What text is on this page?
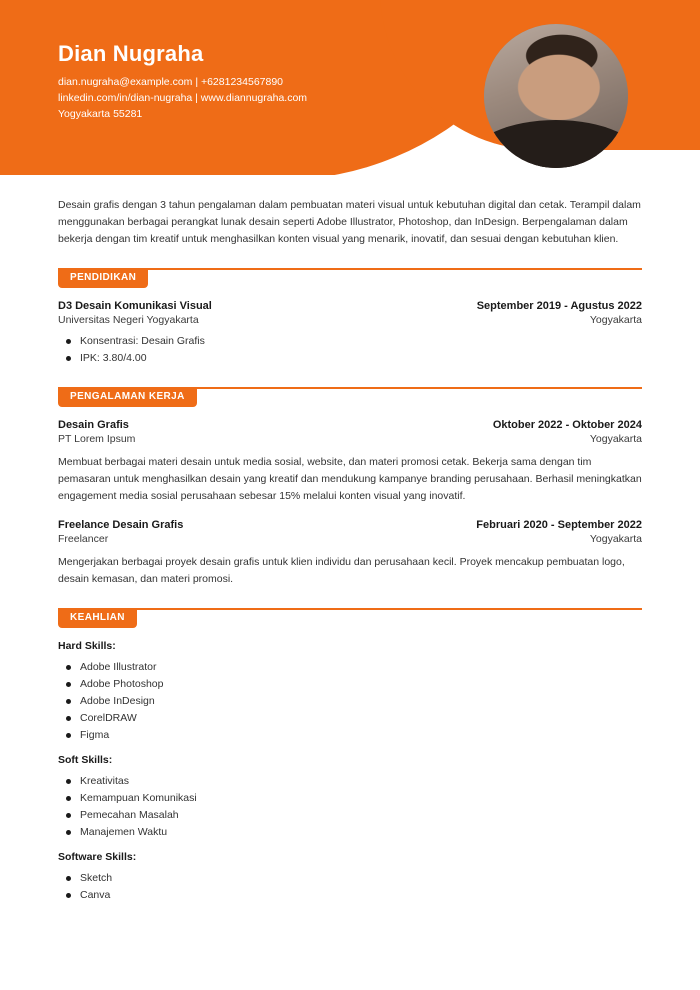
Dian Nugraha
dian.nugraha@example.com | +6281234567890
linkedin.com/in/dian-nugraha | www.diannugraha.com
Yogyakarta 55281

Desain grafis dengan 3 tahun pengalaman dalam pembuatan materi visual untuk kebutuhan digital dan cetak. Terampil dalam menggunakan berbagai perangkat lunak desain seperti Adobe Illustrator, Photoshop, dan InDesign. Berpengalaman dalam bekerja dengan tim kreatif untuk menghasilkan konten visual yang menarik, inovatif, dan sesuai dengan kebutuhan klien.

PENDIDIKAN
D3 Desain Komunikasi Visual	September 2019 - Agustus 2022
Universitas Negeri Yogyakarta	Yogyakarta
Konsentrasi: Desain Grafis
IPK: 3.80/4.00
PENGALAMAN KERJA
Desain Grafis	Oktober 2022 - Oktober 2024
PT Lorem Ipsum	Yogyakarta

Membuat berbagai materi desain untuk media sosial, website, dan materi promosi cetak. Bekerja sama dengan tim pemasaran untuk menghasilkan desain yang kreatif dan mendukung kampanye branding perusahaan. Berhasil meningkatkan engagement media sosial perusahaan sebesar 15% melalui konten visual yang inovatif.

Freelance Desain Grafis	Februari 2020 - September 2022
Freelancer	Yogyakarta

Mengerjakan berbagai proyek desain grafis untuk klien individu dan perusahaan kecil. Proyek mencakup pembuatan logo, desain kemasan, dan materi promosi.

KEAHLIAN
Hard Skills:
Adobe Illustrator
Adobe Photoshop
Adobe InDesign
CorelDRAW
Figma
Soft Skills:
Kreativitas
Kemampuan Komunikasi
Pemecahan Masalah
Manajemen Waktu
Software Skills:
Sketch
Canva
